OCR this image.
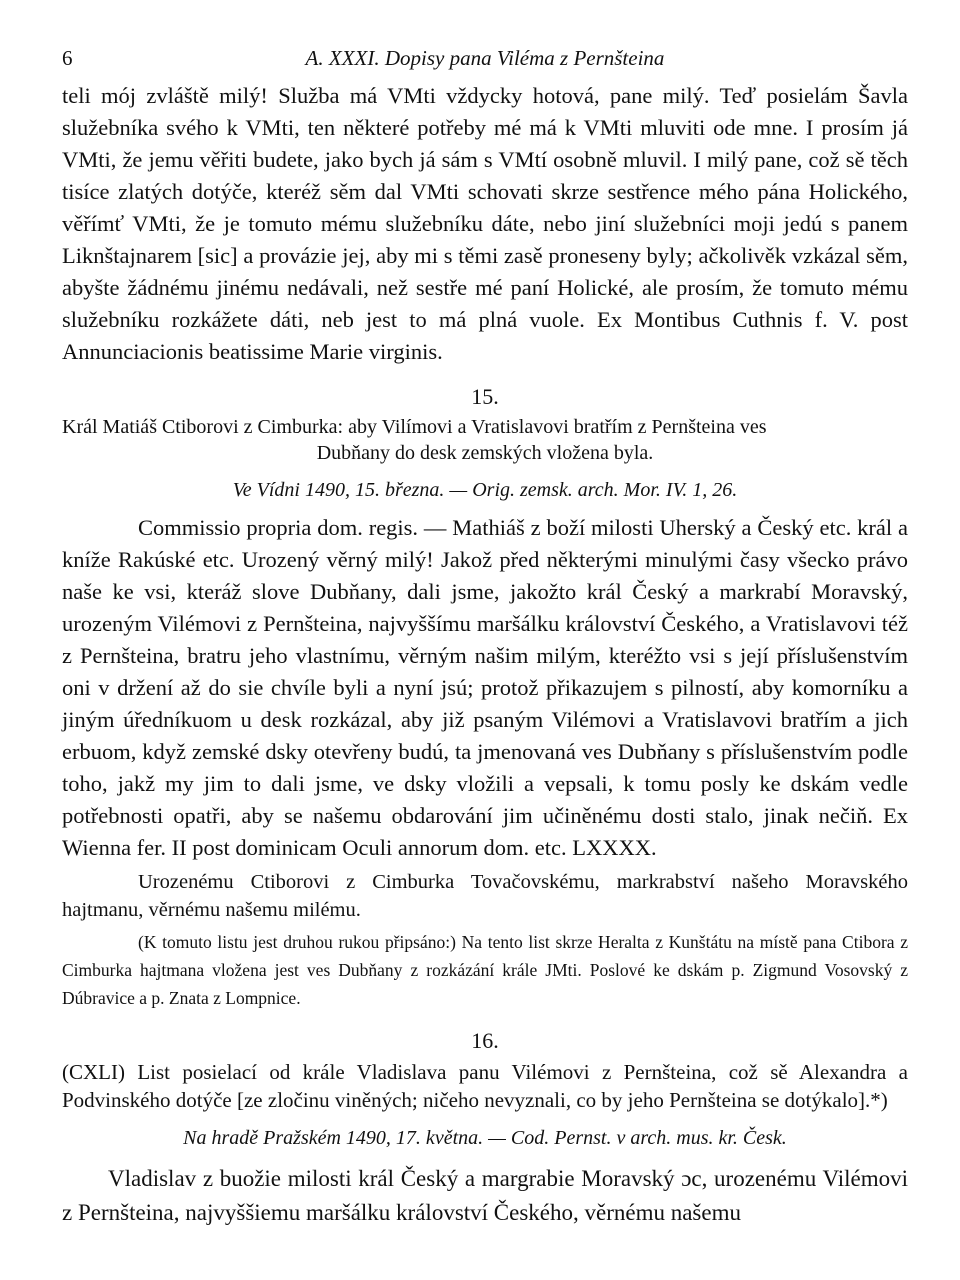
6	A. XXXI. Dopisy pana Viléma z Pernšteina

teli mój zvláště milý! Služba má VMti vždycky hotová, pane milý. Teď posielám Šavla služebníka svého k VMti, ten některé potřeby mé má k VMti mluviti ode mne. I prosím já VMti, že jemu věřiti budete, jako bych já sám s VMtí osobně mluvil. I milý pane, což sě těch tisíce zlatých dotýče, kteréž sěm dal VMti schovati skrze sestřence mého pána Holického, věřímť VMti, že je tomuto mému služebníku dáte, nebo jiní služebníci moji jedú s panem Liknštajnarem [sic] a provázie jej, aby mi s těmi zasě proneseny byly; ačkolivěk vzkázal sěm, abyšte žádnému jinému nedávali, než sestře mé paní Holické, ale prosím, že tomuto mému služebníku rozkážete dáti, neb jest to má plná vuole. Ex Montibus Cuthnis f. V. post Annunciacionis beatissime Marie virginis.

15.

Král Matiáš Ctiborovi z Cimburka: aby Vilímovi a Vratislavovi bratřím z Pernšteina ves
Dubňany do desk zemských vložena byla.

Ve Vídni 1490, 15. března. — Orig. zemsk. arch. Mor. IV. 1, 26.

Commissio propria dom. regis. — Mathiáš z boží milosti Uherský a Český etc. král a kníže Rakúské etc. Urozený věrný milý! Jakož před některými minulými časy všecko právo naše ke vsi, kteráž slove Dubňany, dali jsme, jakožto král Český a markrabí Moravský, urozeným Vilémovi z Pernšteina, najvyššímu maršálku království Českého, a Vratislavovi též z Pernšteina, bratru jeho vlastnímu, věrným našim milým, kteréžto vsi s její příslušenstvím oni v držení až do sie chvíle byli a nyní jsú; protož přikazujem s pilností, aby komorníku a jiným úředníkuom u desk rozkázal, aby již psaným Vilémovi a Vratislavovi bratřím a jich erbuom, když zemské dsky otevřeny budú, ta jmenovaná ves Dubňany s příslušenstvím podle toho, jakž my jim to dali jsme, ve dsky vložili a vepsali, k tomu posly ke dskám vedle potřebnosti opatři, aby se našemu obdarování jim učiněnému dosti stalo, jinak nečiň. Ex Wienna fer. II post dominicam Oculi annorum dom. etc. LXXXX.

Urozenému Ctiborovi z Cimburka Tovačovskému, markrabství našeho Moravského hajtmanu, věrnému našemu milému.

(K tomuto listu jest druhou rukou připsáno:) Na tento list skrze Heralta z Kunštátu na místě pana Ctibora z Cimburka hajtmana vložena jest ves Dubňany z rozkázání krále JMti. Poslové ke dskám p. Zigmund Vosovský z Dúbravice a p. Znata z Lompnice.

16.

(CXLI) List posielací od krále Vladislava panu Vilémovi z Pernšteina, což sě Alexandra a Podvinského dotýče [ze zločinu viněných; ničeho nevyznali, co by jeho Pernšteina se dotýkalo].*)

Na hradě Pražském 1490, 17. května. — Cod. Pernst. v arch. mus. kr. Česk.

Vladislav z buožie milosti král Český a margrabie Moravský ɔc, urozenému Vilémovi z Pernšteina, najvyššiemu maršálku království Českého, věrnému našemu
